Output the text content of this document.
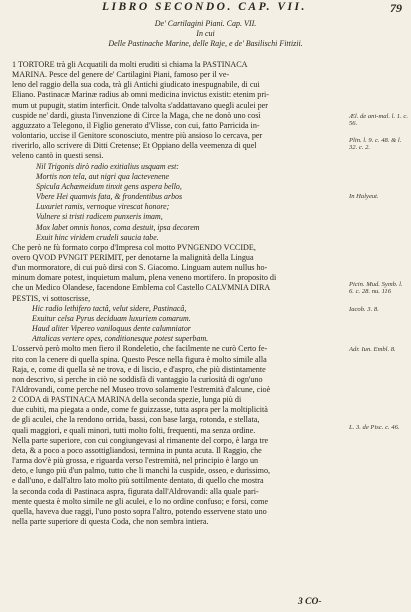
LIBRO SECONDO. CAP. VII.	79
De' Cartilagini Piani. Cap. VII.
In cui
Delle Pastinache Marine, delle Raje, e de' Basilischi Fittizii.

1 TORTORE trà gli Acquatili da molti eruditi si chiama la PASTINACA

MARINA. Pesce del genere de' Cartilagini Piani, famoso per il ve-

leno del raggio della sua coda, trà gli Antichi giudicato inespugnabile, di cui

Eliano. Pastinacæ Marinæ radius ab omni medicina invictus existit: etenim pri-

mum ut pupugit, statim interficit. Onde talvolta s'addattavano quegli aculei per

cuspide ne' dardi, giusta l'invenzione di Circe la Maga, che ne donò uno così

agguzzato a Telegono, il Figlio generato d'Vlisse, con cui, fatto Parricida in-

volontario, uccise il Genitore sconosciuto, mentre più ansioso lo cercava, per

riverirlo, allo scrivere di Ditti Cretense; Et Oppiano della veemenza di quel

veleno cantò in questi sensi.

Nil Trigonis dirò radio exitialius usquam est:

Mortis non tela, aut nigri qua lactevenene

Spicula Achæmeidum tinxit gens aspera bello,

Vbere Hei quamvis fata, & frondentibus arbos

Luxuriet ramis, vernoque virescat honore;

Vulnere si tristi radicem punxeris imam,

Mox labet omnis honos, coma destuit, ipsa decorem

Exuit hinc viridem crudeli saucia tabe.

Che però ne fù formato corpo d'Impresa col motto PVNGENDO VCCIDE,

overo QVOD PVNGIT PERIMIT, per denotarne la malignità della Lingua

d'un mormoratore, di cui può dirsi con S. Giacomo. Linguam autem nullus ho-

minum domare potest, inquietum malum, plena veneno mortifero. In proposito di

che un Medico Olandese, facendone Emblema col Castello CALVMNIA DIRA

PESTIS, vi sottoscrisse,

Hic radio lethifero tactâ, velut sidere, Pastinacâ,

Exuitur celsa Pyrus deciduam luxuriem comarum.

Haud aliter Vipereo vaniloquus dente calumniator

Attalicas vertere opes, conditionesque potest superbam.

L'osservò però molto men fiero il Rondeletio, che facilmente ne curò Certo fe-

rito con la cenere di quella spina. Questo Pesce nella figura è molto simile alla

Raja, e, come di quella sè ne trova, e di liscio, e d'aspro, che più distintamente

non descrivo, sì perche in ciò ne soddisfà di vantaggio la curiosità di ogn'uno

l'Aldrovandi, come perche nel Museo trovo solamente l'estremità d'alcune, cioè

2 CODA di PASTINACA MARINA della seconda spezie, lunga più di

due cubiti, ma piegata a onde, come fe guizzasse, tutta aspra per la moltiplicità

de gli aculei, che la rendono orrida, bassi, con base larga, rotonda, e stellata,

quali maggiori, e quali minori, tutti molto folti, frequenti, ma senza ordine.

Nella parte superiore, con cui congiungevasi al rimanente del corpo, è larga tre

deta, & a poco a poco assottigliandosi, termina in punta acuta. Il Raggio, che

l'arma dov'è più grossa, e riguarda verso l'estremità, nel principio è largo un

deto, e lungo più d'un palmo, tutto che li manchi la cuspide, osseo, e durissimo,

e dall'uno, e dall'altro lato molto più sottilmente dentato, di quello che mostra

la seconda coda di Pastinaca aspra, figurata dall'Aldrovandi: alla quale pari-

mente questa è molto simile ne gli aculei, e lo no ordine confuso; e forsi, come

quella, haveva due raggi, l'uno posto sopra l'altro, potendo esservene stato uno

nella parte superiore di questa Coda, che non sembra intiera.

Æl. de ani-mal. l. 1. c. 56.

Plin. l. 9. c. 48. & l. 32. c. 2.

In Halyeut.

Picin. Mud. Symb. l. 6. c. 28. nu. 116

Iacob. 3. 8.

Adr. Iun. Embl. 8.

L. 3. de Pisc. c. 46.

3 CO-
